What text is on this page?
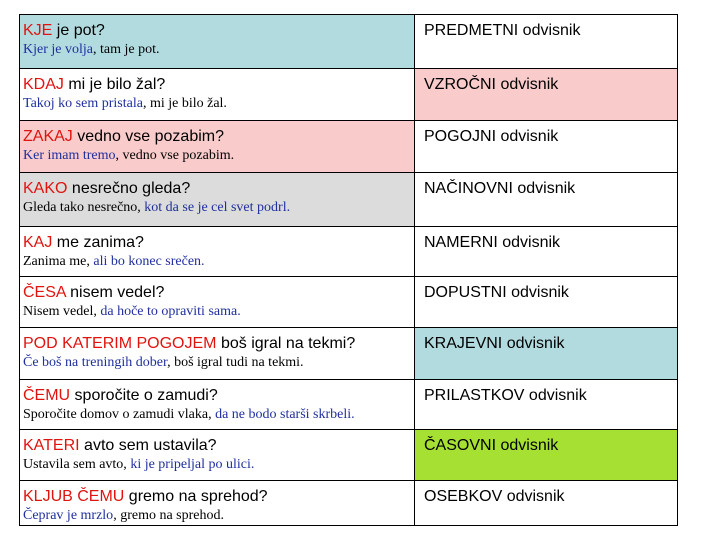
KJE je pot?
Kjer je volja, tam je pot.	PREDMETNI odvisnik

KDAJ mi je bilo žal?
Takoj ko sem pristala, mi je bilo žal.	VZROČNI odvisnik

ZAKAJ vedno vse pozabim?
Ker imam tremo, vedno vse pozabim.	POGOJNI odvisnik

KAKO nesrečno gleda?
Gleda tako nesrečno, kot da se je cel svet podrl.	NAČINOVNI odvisnik

KAJ me zanima?
Zanima me, ali bo konec srečen.	NAMERNI odvisnik

ČESA nisem vedel?
Nisem vedel, da hoče to opraviti sama.	DOPUSTNI odvisnik

POD KATERIM POGOJEM boš igral na tekmi?
Če boš na treningih dober, boš igral tudi na tekmi.	KRAJEVNI odvisnik

ČEMU sporočite o zamudi?
Sporočite domov o zamudi vlaka, da ne bodo starši skrbeli.	PRILASTKOV odvisnik

KATERI avto sem ustavila?
Ustavila sem avto, ki je pripeljal po ulici.	ČASOVNI odvisnik

KLJUB ČEMU gremo na sprehod?
Čeprav je mrzlo, gremo na sprehod.	OSEBKOV odvisnik
